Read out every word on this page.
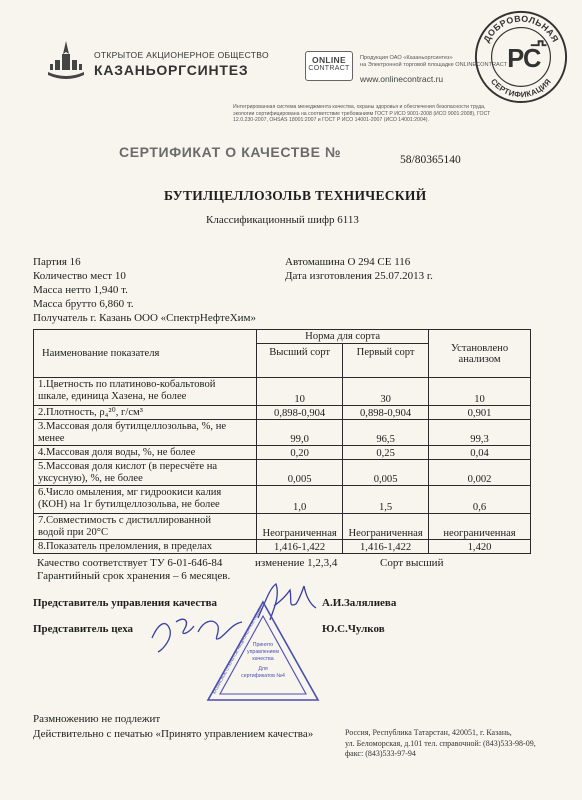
ОТКРЫТОЕ АКЦИОНЕРНОЕ ОБЩЕСТВО
КАЗАНЬОРГСИНТЕЗ
ONLINE
CONTRACT
Продукция ОАО «Казаньоргсинтез»
на Электронной торговой площадке ONLINECONTRACT
www.onlinecontract.ru
ДОБРОВОЛЬНАЯ
СЕРТИФИКАЦИЯ
Р
С
Интегрированная система менеджмента качества, охраны здоровья и обеспечения безопасности труда,
экологии сертифицирована на соответствие требованиям ГОСТ Р ИСО 9001-2008 (ИСО 9001:2008), ГОСТ
12.0.230-2007, OHSAS 18001:2007 и ГОСТ Р ИСО 14001-2007 (ИСО 14001:2004).
СЕРТИФИКАТ О КАЧЕСТВЕ №	58/80365140
БУТИЛЦЕЛЛОЗОЛЬВ ТЕХНИЧЕСКИЙ
Классификационный шифр 6113
Партия 16
Количество мест 10
Масса нетто 1,940 т.
Масса брутто 6,860 т.
Получатель г. Казань ООО «СпектрНефтеХим»
Автомашина О 294 СЕ 116
Дата изготовления 25.07.2013 г.
Наименование показателя	Норма для сорта		Установлено
анализом

	Высший сорт	Первый сорт	

1.Цветность по платиново-кобальтовой
шкале, единица Хазена, не более	10	30	10

2.Плотность, ρ₄²⁰, г/см³	0,898-0,904	0,898-0,904	0,901

3.Массовая доля бутилцеллозольва, %, не
менее	99,0	96,5	99,3

4.Массовая доля воды, %, не более	0,20	0,25	0,04

5.Массовая доля кислот (в пересчёте на
уксусную), %, не более	0,005	0,005	0,002

6.Число омыления, мг гидроокиси калия
(КОН) на 1г бутилцеллозольва, не более	1,0	1,5	0,6

7.Совместимость с дистиллированной
водой при 20°С	Неограниченная	Неограниченная	неограниченная

8.Показатель преломления, в пределах	1,416-1,422	1,416-1,422	1,420
Качество соответствует ТУ 6-01-646-84	изменение 1,2,3,4	Сорт высший
Гарантийный срок хранения – 6 месяцев.
Представитель управления качества	А.И.Залялиева
Представитель цеха	Ю.С.Чулков
КАЗАНСКОЕ ОТКРЫТОЕ АКЦИОНЕРНОЕ ОБЩЕС
Принято управлением качества Для сертификатов №4
Размножению не подлежит
Действительно с печатью «Принято управлением качества»	Россия, Республика Татарстан, 420051, г. Казань,
ул. Беломорская, д.101 тел. справочной: (843)533-98-09,
факс: (843)533-97-94
